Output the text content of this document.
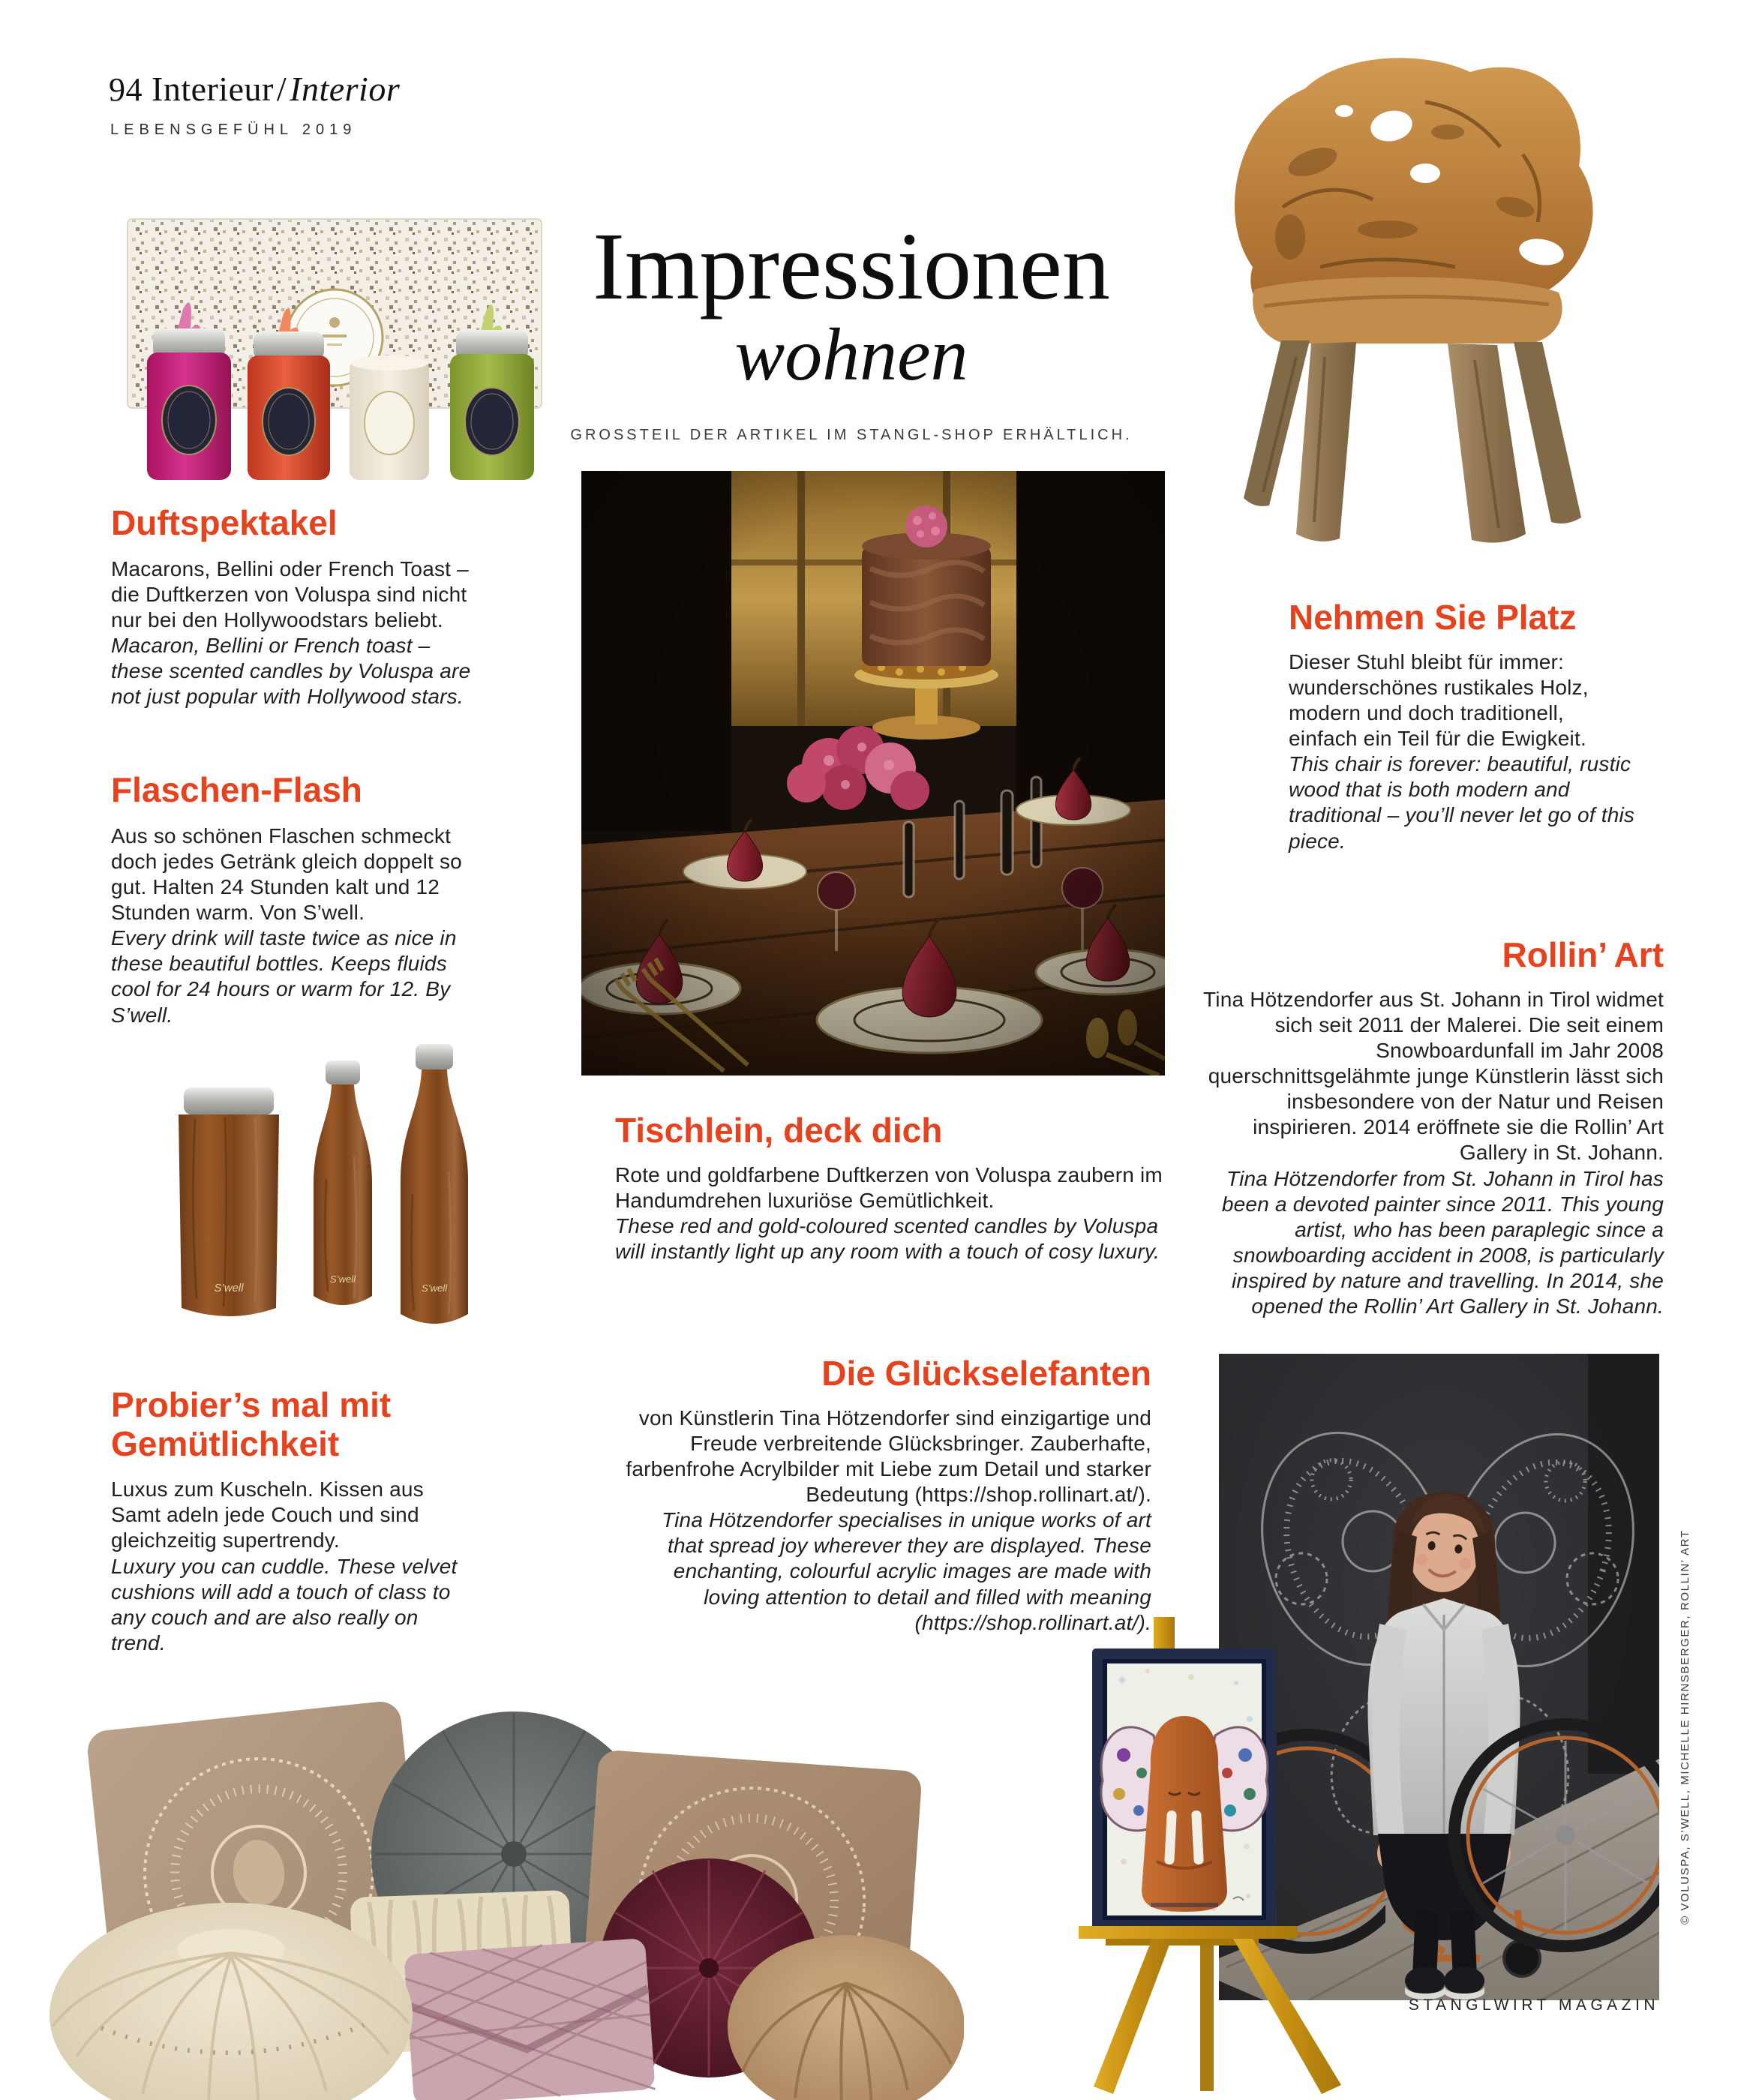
94 Interieur/Interior
LEBENSGEFÜHL 2019
Duftspektakel

Macarons, Bellini oder French Toast – die Duftkerzen von Voluspa sind nicht nur bei den Hollywoodstars beliebt.
Macaron, Bellini or French toast – these scented candles by Voluspa are not just popular with Hollywood stars.

Flaschen-Flash

Aus so schönen Flaschen schmeckt doch jedes Getränk gleich doppelt so gut. Halten 24 Stunden kalt und 12 Stunden warm. Von S’well.
Every drink will taste twice as nice in these beautiful bottles. Keeps fluids cool for 24 hours or warm for 12. By S’well.

S’well
S’well
S’well
Probier’s mal mit Gemütlichkeit

Luxus zum Kuscheln. Kissen aus Samt adeln jede Couch und sind gleichzeitig supertrendy.
Luxury you can cuddle. These velvet cushions will add a touch of class to any couch and are also really on trend.

Impressionen
wohnen
GROSSTEIL DER ARTIKEL IM STANGL-SHOP ERHÄLTLICH.
Tischlein, deck dich

Rote und goldfarbene Duftkerzen von Voluspa zaubern im Handumdrehen luxuriöse Gemütlichkeit.
These red and gold-coloured scented candles by Voluspa will instantly light up any room with a touch of cosy luxury.

Die Glückselefanten

von Künstlerin Tina Hötzendorfer sind einzigartige und Freude verbreitende Glücksbringer. Zauberhafte, farbenfrohe Acrylbilder mit Liebe zum Detail und starker Bedeutung (https://shop.rollinart.at/).
Tina Hötzendorfer specialises in unique works of art that spread joy wherever they are displayed. These enchanting, colourful acrylic images are made with loving attention to detail and filled with meaning (https://shop.rollinart.at/).

Nehmen Sie Platz

Dieser Stuhl bleibt für immer: wunderschönes rustikales Holz, modern und doch traditionell, einfach ein Teil für die Ewigkeit.
This chair is forever: beautiful, rustic wood that is both modern and traditional – you’ll never let go of this piece.

Rollin’ Art

Tina Hötzendorfer aus St. Johann in Tirol widmet sich seit 2011 der Malerei. Die seit einem Snowboardunfall im Jahr 2008 querschnittsgelähmte junge Künstlerin lässt sich insbesondere von der Natur und Reisen inspirieren. 2014 eröffnete sie die Rollin’ Art Gallery in St. Johann.
Tina Hötzendorfer from St. Johann in Tirol has been a devoted painter since 2011. This young artist, who has been paraplegic since a snowboarding accident in 2008, is particularly inspired by nature and travelling. In 2014, she opened the Rollin’ Art Gallery in St. Johann.

© VOLUSPA, S’WELL, MICHELLE HIRNSBERGER, ROLLIN’ ART
STANGLWIRT MAGAZIN
